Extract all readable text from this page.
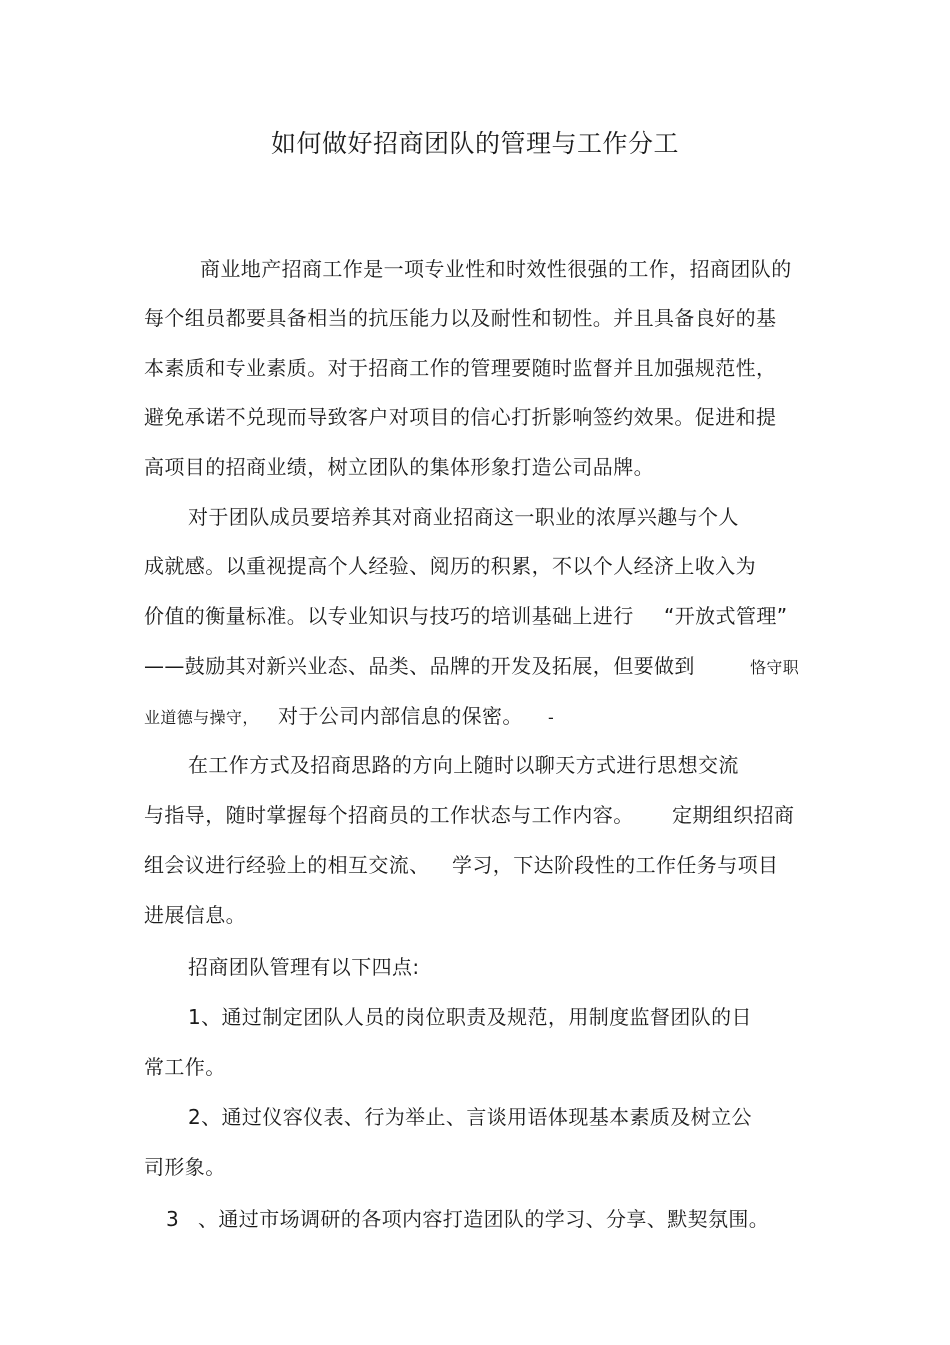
如何做好招商团队的管理与工作分工
商业地产招商工作是一项专业性和时效性很强的工作，招商团队的
每个组员都要具备相当的抗压能力以及耐性和韧性。并且具备良好的基
本素质和专业素质。对于招商工作的管理要随时监督并且加强规范性，
避免承诺不兑现而导致客户对项目的信心打折影响签约效果。促进和提
高项目的招商业绩，树立团队的集体形象打造公司品牌。
对于团队成员要培养其对商业招商这一职业的浓厚兴趣与个人
成就感。以重视提高个人经验、阅历的积累，不以个人经济上收入为
价值的衡量标准。以专业知识与技巧的培训基础上进行 “开放式管理”
——鼓励其对新兴业态、品类、品牌的开发及拓展，但要做到	恪守职
业道德与操守， 对于公司内部信息的保密。 -
在工作方式及招商思路的方向上随时以聊天方式进行思想交流
与指导，随时掌握每个招商员的工作状态与工作内容。 定期组织招商
组会议进行经验上的相互交流、 学习，下达阶段性的工作任务与项目
进展信息。
招商团队管理有以下四点:
1、通过制定团队人员的岗位职责及规范，用制度监督团队的日
常工作。
2、通过仪容仪表、行为举止、言谈用语体现基本素质及树立公
司形象。
3 、通过市场调研的各项内容打造团队的学习、分享、默契氛围。
